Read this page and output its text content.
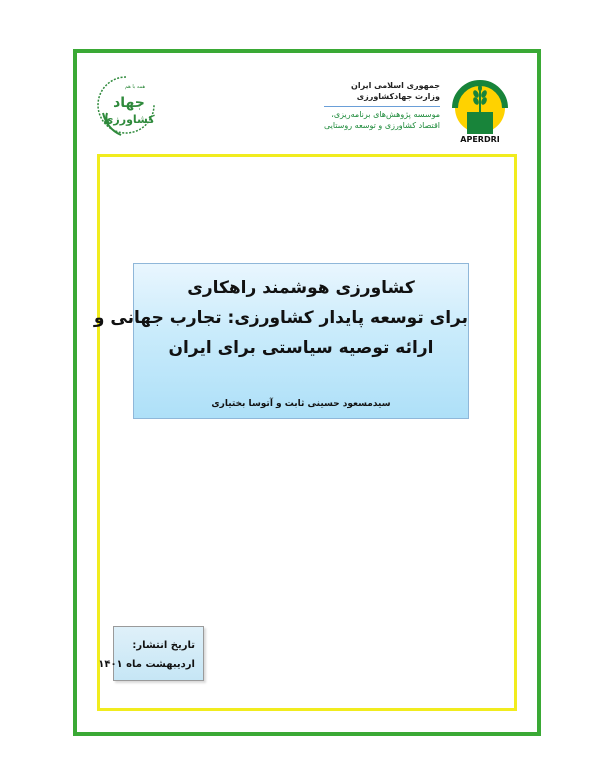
همه با هم
جهاد
کشاورزی
جمهوری اسلامی ایران
وزارت جهادکشاورزی
موسسه پژوهش‌های برنامه‌ریزی،
اقتصاد کشاورزی و توسعه روستایی
APERDRI
کشاورزی هوشمند راهکاری
برای توسعه پایدار کشاورزی: تجارب جهانی و
ارائه توصیه سیاستی برای ایران
سیدمسعود حسینی ثابت و آتوسا بختیاری
تاریخ انتشار:
اردیبهشت ماه ۱۴۰۱
